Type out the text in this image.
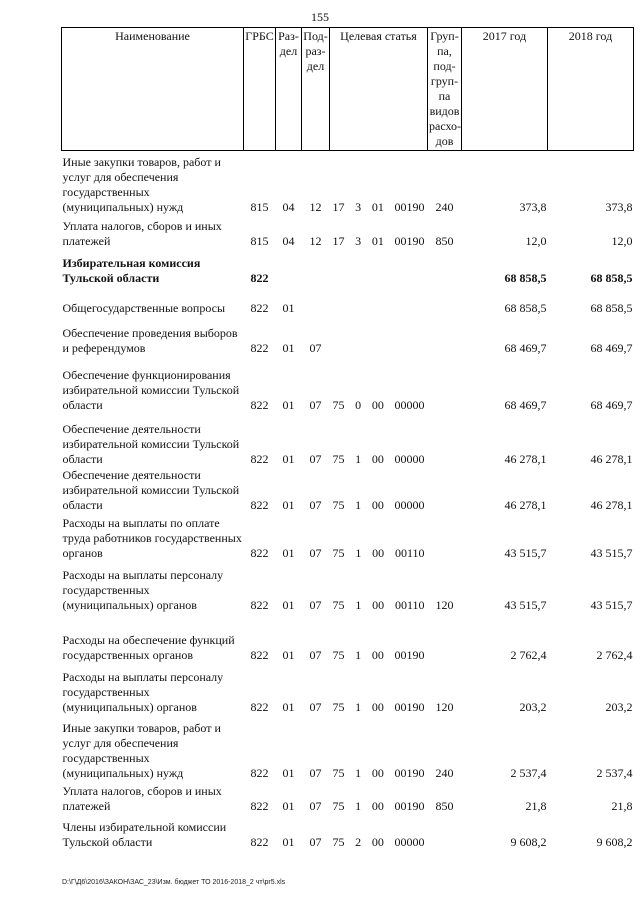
155
Наименование	ГРБС	Раз-дел	Под-раз-дел	Целевая статья	Груп-па, под-груп-па видов расхо-дов	2017 год	2018 год
Иные закупки товаров, работ и услуг для обеспечения государственных (муниципальных) нужд	815	04	12	17 3 01 00190	240	373,8	373,8
Уплата налогов, сборов и иных платежей	815	04	12	17 3 01 00190	850	12,0	12,0
Избирательная комиссия Тульской области	822					68 858,5	68 858,5
Общегосударственные вопросы	822	01				68 858,5	68 858,5
Обеспечение проведения выборов и референдумов	822	01	07			68 469,7	68 469,7
Обеспечение функционирования избирательной комиссии Тульской области	822	01	07	75 0 00 00000		68 469,7	68 469,7
Обеспечение деятельности избирательной комиссии Тульской области	822	01	07	75 1 00 00000		46 278,1	46 278,1
Обеспечение деятельности избирательной комиссии Тульской области	822	01	07	75 1 00 00000		46 278,1	46 278,1
Расходы на выплаты по оплате труда работников государственных органов	822	01	07	75 1 00 00110		43 515,7	43 515,7
Расходы на выплаты персоналу государственных (муниципальных) органов	822	01	07	75 1 00 00110	120	43 515,7	43 515,7
Расходы на обеспечение функций государственных органов	822	01	07	75 1 00 00190		2 762,4	2 762,4
Расходы на выплаты персоналу государственных (муниципальных) органов	822	01	07	75 1 00 00190	120	203,2	203,2
Иные закупки товаров, работ и услуг для обеспечения государственных (муниципальных) нужд	822	01	07	75 1 00 00190	240	2 537,4	2 537,4
Уплата налогов, сборов и иных платежей	822	01	07	75 1 00 00190	850	21,8	21,8
Члены избирательной комиссии Тульской области	822	01	07	75 2 00 00000		9 608,2	9 608,2
D:\Г\Д6\2016\ЗАКОН\ЗАС_23\Изм. бюджет ТО 2016-2018_2 чт\pr5.xls
